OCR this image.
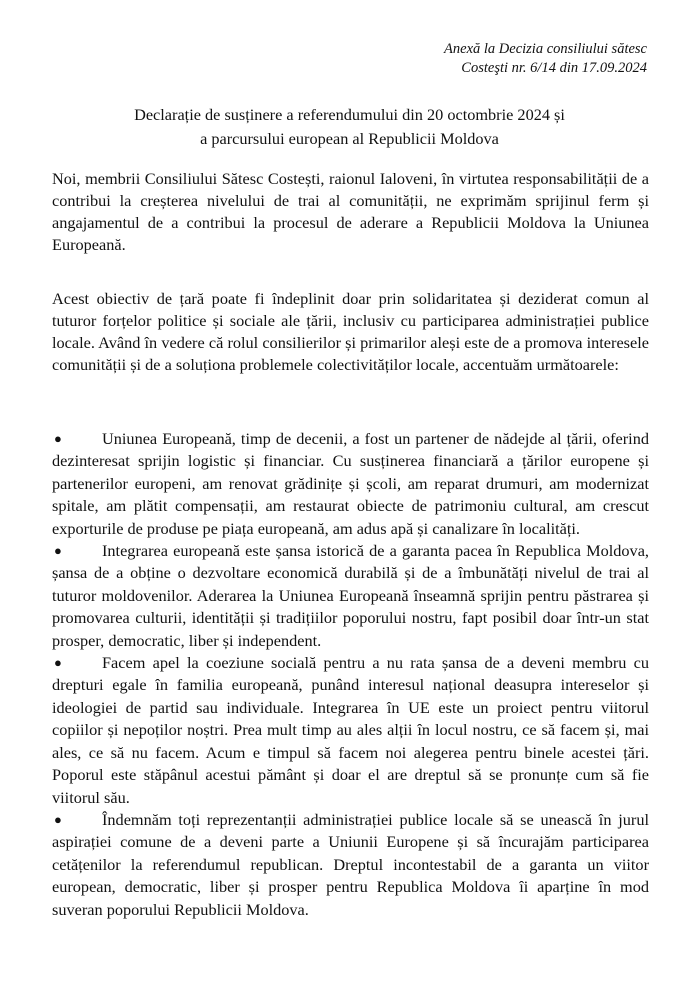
Anexă la Decizia consiliului sătesc
Costeşti nr. 6/14 din 17.09.2024
Declarație de susținere a referendumului din 20 octombrie 2024 și
a parcursului european al Republicii Moldova

Noi, membrii Consiliului Sătesc Costești, raionul Ialoveni, în virtutea responsabilității de a contribui la creșterea nivelului de trai al comunității, ne exprimăm sprijinul ferm și angajamentul de a contribui la procesul de aderare a Republicii Moldova la Uniunea Europeană.

Acest obiectiv de țară poate fi îndeplinit doar prin solidaritatea și deziderat comun al tuturor forțelor politice și sociale ale țării, inclusiv cu participarea administrației publice locale. Având în vedere că rolul consilierilor și primarilor aleși este de a promova interesele comunității și de a soluționa problemele colectivităților locale, accentuăm următoarele:

●	Uniunea Europeană, timp de decenii, a fost un partener de nădejde al țării, oferind dezinteresat sprijin logistic și financiar. Cu susținerea financiară a țărilor europene și partenerilor europeni, am renovat grădinițe și școli, am reparat drumuri, am modernizat spitale, am plătit compensații, am restaurat obiecte de patrimoniu cultural, am crescut exporturile de produse pe piața europeană, am adus apă și canalizare în localități.
●	Integrarea europeană este șansa istorică de a garanta pacea în Republica Moldova, șansa de a obține o dezvoltare economică durabilă și de a îmbunătăți nivelul de trai al tuturor moldovenilor. Aderarea la Uniunea Europeană înseamnă sprijin pentru păstrarea și promovarea culturii, identității și tradițiilor poporului nostru, fapt posibil doar într-un stat prosper, democratic, liber și independent.
●	Facem apel la coeziune socială pentru a nu rata șansa de a deveni membru cu drepturi egale în familia europeană, punând interesul național deasupra intereselor și ideologiei de partid sau individuale. Integrarea în UE este un proiect pentru viitorul copiilor și nepoților noștri. Prea mult timp au ales alții în locul nostru, ce să facem și, mai ales, ce să nu facem. Acum e timpul să facem noi alegerea pentru binele acestei țări. Poporul este stăpânul acestui pământ și doar el are dreptul să se pronunțe cum să fie viitorul său.
●	Îndemnăm toți reprezentanții administrației publice locale să se unească în jurul aspirației comune de a deveni parte a Uniunii Europene și să încurajăm participarea cetățenilor la referendumul republican. Dreptul incontestabil de a garanta un viitor european, democratic, liber și prosper pentru Republica Moldova îi aparține în mod suveran poporului Republicii Moldova.
